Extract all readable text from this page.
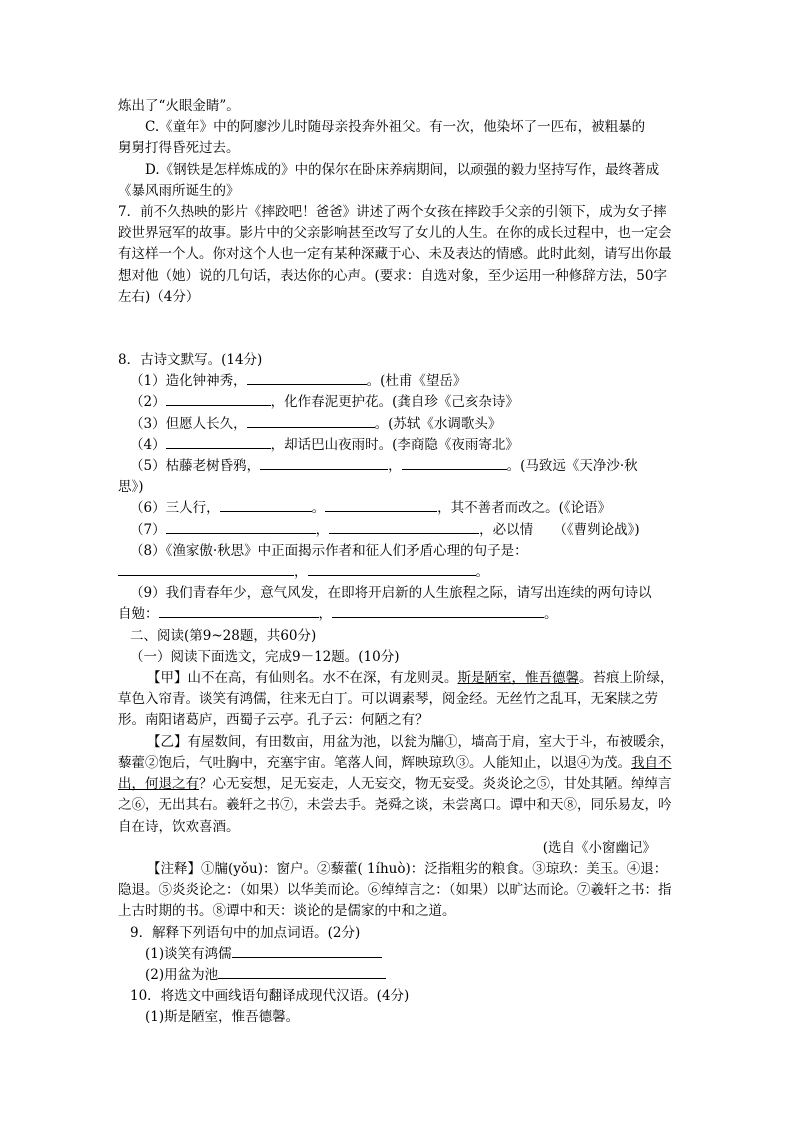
炼出了“火眼金睛”。

C.《童年》中的阿廖沙儿时随母亲投奔外祖父。有一次，他染坏了一匹布，被粗暴的

舅舅打得昏死过去。

D.《钢铁是怎样炼成的》中的保尔在卧床养病期间，以顽强的毅力坚持写作，最终著成

《暴风雨所诞生的》

7．前不久热映的影片《摔跤吧！爸爸》讲述了两个女孩在摔跤手父亲的引领下，成为女子摔跤世界冠军的故事。影片中的父亲影响甚至改写了女儿的人生。在你的成长过程中，也一定会有这样一个人。你对这个人也一定有某种深藏于心、未及表达的情感。此时此刻，请写出你最想对他（她）说的几句话，表达你的心声。(要求：自选对象，至少运用一种修辞方法，50字左右)（4分）

8．古诗文默写。(14分)

（1）造化钟神秀，	。(杜甫《望岳》

（2）	，化作春泥更护花。(龚自珍《己亥杂诗》

（3）但愿人长久，	。(苏轼《水调歌头》

（4）	，却话巴山夜雨时。(李商隐《夜雨寄北》

（5）枯藤老树昏鸦，	，	。(马致远《天净沙·秋

思》)

（6）三人行，	。	，其不善者而改之。(《论语》

（7）	，	，必以情　　（《曹刿论战》)

（8）《渔家傲·秋思》中正面揭示作者和征人们矛盾心理的句子是：

，	。

（9）我们青春年少，意气风发，在即将开启新的人生旅程之际，请写出连续的两句诗以

自勉：	，	。

二、阅读(第9~28题，共60分)

（一）阅读下面选文，完成9－12题。(10分)

【甲】山不在高，有仙则名。水不在深，有龙则灵。斯是陋室，惟吾德馨。苔痕上阶绿，草色入帘青。谈笑有鸿儒，往来无白丁。可以调素琴，阅金经。无丝竹之乱耳，无案牍之劳形。南阳诸葛庐，西蜀子云亭。孔子云：何陋之有？

【乙】有屋数间，有田数亩，用盆为池，以瓮为牖①，墙高于肩，室大于斗，布被暖余，藜藿②饱后，气吐胸中，充塞宇宙。笔落人间，辉映琼玖③。人能知止，以退④为茂。我自不出，何退之有？心无妄想，足无妄走，人无妄交，物无妄受。炎炎论之⑤，甘处其陋。绰绰言之⑥，无出其右。羲轩之书⑦，未尝去手。尧舜之谈，未尝离口。谭中和天⑧，同乐易友，吟自在诗，饮欢喜酒。

(选自《小窗幽记》

【注释】①牖(yǒu)：窗户。②藜藿( 1íhuò)：泛指粗劣的粮食。③琼玖：美玉。④退：隐退。⑤炎炎论之：（如果）以华美而论。⑥绰绰言之：（如果）以旷达而论。⑦羲轩之书：指上古时期的书。⑧谭中和天：谈论的是儒家的中和之道。

9．解释下列语句中的加点词语。(2分)

(1)谈笑有鸿儒

(2)用盆为池

10．将选文中画线语句翻译成现代汉语。(4分)

(1)斯是陋室，惟吾德馨。
